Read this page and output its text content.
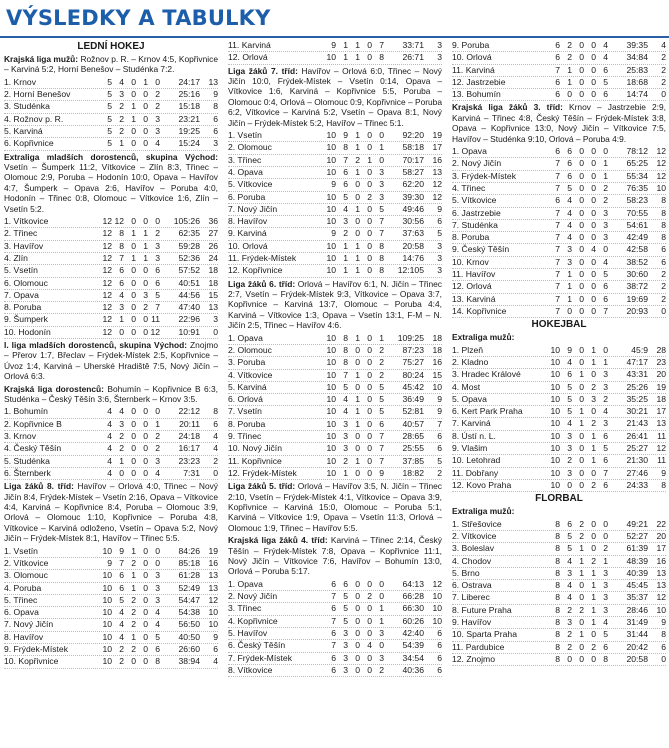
VÝSLEDKY A TABULKY
LEDNÍ HOKEJ
Krajská liga mužů: Rožnov p. R. – Krnov 4:5, Kopřivnice – Karviná 5:2, Horní Benešov – Studénka 7:2.
1. Krnov	5 4 0 1 0	24:17 13
2. Horní Benešov	5 3 0 0 2	25:16	9
3. Studénka	5 2 1 0 2	15:18	8
4. Rožnov p. R.	5 2 1 0 3	23:21	6
5. Karviná	5 2 0 0 3	19:25	6
6. Kopřivnice	5 1 0 0 4	15:24	3
Extraliga mladších dorostenců, skupina Východ: Vsetín – Šumperk 11:2, Vítkovice – Zlín 8:3, Třinec – Olomouc 2:9, Poruba – Hodonín 10:0, Opava – Havířov 4:7, Šumperk – Opava 2:6, Havířov – Poruba 4:0, Hodonín – Třinec 0:8, Olomouc – Vítkovice 1:6, Zlín – Vsetín 5:2.
1. Vítkovice	12 12 0 0 0	105:26 36
2. Třinec	12 8 1 1 2	62:35 27
3. Havířov	12 8 0 1 3	59:28 26
4. Zlín	12 7 1 1 3	52:36 24
5. Vsetín	12 6 0 0 6	57:52 18
6. Olomouc	12 6 0 0 6	40:51 18
7. Opava	12 4 0 3 5	44:56 15
8. Poruba	12 3 0 2 7	47:40 13
9. Šumperk	12 1 0 0 11	22:96	3
10. Hodonín	12 0 0 0 12	10:91	0
I. liga mladších dorostenců, skupina Východ: Znojmo – Přerov 1:7, Břeclav – Frýdek-Místek 2:5, Kopřivnice – Úvoz 1:4, Karviná – Uherské Hradiště 7:5, Nový Jičín – Orlová 6:3.
Krajská liga dorostenců: Bohumín – Kopřivnice B 6:3, Studénka – Český Těšín 3:6, Šternberk – Krnov 3:5.
1. Bohumín	4 4 0 0 0	22:12	8
2. Kopřivnice B	4 3 0 0 1	20:11	6
3. Krnov	4 2 0 0 2	24:18	4
4. Český Těšín	4 2 0 0 2	16:17	4
5. Studénka	4 1 0 0 3	23:23	2
6. Šternberk	4 0 0 0 4	7:31	0
Liga žáků 8. tříd: Havířov – Orlová 4:0, Třinec – Nový Jičín 8:4, Frýdek-Místek – Vsetín 2:16, Opava – Vítkovice 4:4, Karviná – Kopřivnice 8:4, Poruba – Olomouc 3:9, Orlová – Olomouc 1:10, Kopřivnice – Poruba 4:8, Vítkovice – Karviná odloženo, Vsetín – Opava 5:2, Nový Jičín – Frýdek-Místek 8:1, Havířov – Třinec 5:5.
1. Vsetín	10 9 1 0 0	84:26 19
2. Vítkovice	9 7 2 0 0	85:18 16
3. Olomouc	10 6 1 0 3	61:28 13
4. Poruba	10 6 1 0 3	52:49 13
5. Třinec	10 5 2 0 3	54:47 12
6. Opava	10 4 2 0 4	54:38 10
7. Nový Jičín	10 4 2 0 4	56:50 10
8. Havířov	10 4 1 0 5	40:50	9
9. Frýdek-Místek	10 2 2 0 6	26:60	6
10. Kopřivnice	10 2 0 0 8	38:94	4
11. Karviná	9 1 1 0 7	33:71	3
12. Orlová	10 1 1 0 8	26:71	3
Liga žáků 7. tříd: Havířov – Orlová 6:0, Třinec – Nový Jičín 10:0, Frýdek-Místek – Vsetín 0:14, Opava – Vítkovice 1:6, Karviná – Kopřivnice 5:5, Poruba – Olomouc 0:4, Orlová – Olomouc 0:9, Kopřivnice – Poruba 6:2, Vítkovice – Karviná 5:2, Vsetín – Opava 8:1, Nový Jičín – Frýdek-Místek 5:2, Havířov – Třinec 5:1.
1. Vsetín	10 9 1 0 0	92:20 19
2. Olomouc	10 8 1 0 1	58:18 17
3. Třinec	10 7 2 1 0	70:17 16
4. Opava	10 6 1 0 3	58:27 13
5. Vítkovice	9 6 0 0 3	62:20 12
6. Poruba	10 5 0 2 3	39:30 12
7. Nový Jičín	10 4 1 0 5	49:46	9
8. Havířov	10 3 0 0 7	30:56	6
9. Karviná	9 2 0 0 7	37:63	5
10. Orlová	10 1 1 0 8	20:58	3
11. Frýdek-Místek	10 1 1 0 8	14:76	3
12. Kopřivnice	10 1 1 0 8	12:105	3
Liga žáků 6. tříd: Orlová – Havířov 6:1, N. Jičín – Třinec 2:7, Vsetín – Frýdek-Místek 9:3, Vítkovice – Opava 3:7, Kopřivnice – Karviná 13:7, Olomouc – Poruba 4:4, Karviná – Vítkovice 1:3, Opava – Vsetín 13:1, F-M – N. Jičín 2:5, Třinec – Havířov 4:6.
1. Opava	10 8 1 0 1	109:25 18
2. Olomouc	10 8 0 0 2	87:23 18
3. Poruba	10 8 0 0 2	75:27 16
4. Vítkovice	10 7 1 0 2	80:24 15
5. Karviná	10 5 0 0 5	45:42 10
6. Orlová	10 4 1 0 5	36:49	9
7. Vsetín	10 4 1 0 5	52:81	9
8. Poruba	10 3 1 0 6	40:57	7
9. Třinec	10 3 0 0 7	28:65	6
10. Nový Jičín	10 3 0 0 7	25:55	6
11. Kopřivnice	10 2 1 0 7	37:85	5
12. Frýdek-Místek	10 1 0 0 9	18:82	2
Liga žáků 5. tříd: Orlová – Havířov 3:5, N. Jičín – Třinec 2:10, Vsetín – Frýdek-Místek 4:1, Vítkovice – Opava 3:9, Kopřivnice – Karviná 15:0, Olomouc – Poruba 5:1, Karviná – Vítkovice 1:9, Opava – Vsetín 11:3, Orlová – Olomouc 1:9, Třinec – Havířov 5:5.
Krajská liga žáků 4. tříd: Karviná – Třinec 2:14, Český Těšín – Frýdek-Místek 7:8, Opava – Kopřivnice 11:1, Nový Jičín – Vítkovice 7:6, Havířov – Bohumín 13:0, Orlová – Poruba 5:17.
1. Opava	6 6 0 0 0	64:13 12
2. Nový Jičín	7 5 0 2 0	66:28 10
3. Třinec	6 5 0 0 1	66:30 10
4. Kopřivnice	7 5 0 0 1	60:26 10
5. Havířov	6 3 0 0 3	42:40	6
6. Český Těšín	7 3 0 4 0	54:39	6
7. Frýdek-Místek	6 3 0 0 3	34:54	6
8. Vítkovice	6 3 0 0 2	40:36	6
9. Poruba	6 2 0 0 4	39:35	4
10. Orlová	6 2 0 0 4	34:84	2
11. Karviná	7 1 0 0 6	25:83	2
12. Jastrzebie	6 1 0 0 5	18:68	2
13. Bohumín	6 0 0 0 6	14:74	0
Krajská liga žáků 3. tříd: Krnov – Jastrzebie 2:9, Karviná – Třinec 4:8, Český Těšín – Frýdek-Místek 3:8, Opava – Kopřivnice 13:0, Nový Jičín – Vítkovice 7:5, Havířov – Studénka 9:10, Orlová – Poruba 4:9.
1. Opava	6 6 0 0 0	78:12 12
2. Nový Jičín	7 6 0 0 1	65:25 12
3. Frýdek-Místek	7 6 0 0 1	55:34 12
4. Třinec	7 5 0 0 2	76:35 10
5. Vítkovice	6 4 0 0 2	58:23	8
6. Jastrzebie	7 4 0 0 3	70:55	8
7. Studénka	7 4 0 0 3	54:61	8
8. Poruba	7 4 0 0 3	42:49	8
9. Český Těšín	7 3 0 4 0	42:58	6
10. Krnov	7 3 0 0 4	38:52	6
11. Havířov	7 1 0 0 5	30:60	2
12. Orlová	7 1 0 0 6	38:72	2
13. Karviná	7 1 0 0 6	19:69	2
14. Kopřivnice	7 0 0 0 7	20:93	0
HOKEJBAL
Extraliga mužů:
1. Plzeň	10 9 0 1 0	45:9 28
2. Kladno	10 4 0 1 1	47:17 23
3. Hradec Králové	10 6 1 0 3	43:31 20
4. Most	10 5 0 2 3	25:26 19
5. Opava	10 5 0 3 2	35:25 18
6. Kert Park Praha	10 5 1 0 4	30:21 17
7. Karviná	10 4 1 2 3	21:43 13
8. Ústí n. L.	10 3 0 1 6	26:41	11
9. Vlašim	10 3 0 1 5	25:27 12
10. Letohrad	10 2 0 1 6	21:30	11
11. Dobřany	10 3 0 0 7	27:46	9
12. Kovo Praha	10 0 0 2 6	24:33	8
FLORBAL
Extraliga mužů:
1. Střešovice	8 6 2 0 0	49:21 22
2. Vítkovice	8 5 2 0 0	52:27 20
3. Boleslav	8 5 1 0 2	61:39 17
4. Chodov	8 4 1 2 1	48:39 16
5. Brno	8 3 1 1 3	40:39 13
6. Ostrava	8 4 0 1 3	45:45 13
7. Liberec	8 4 0 1 3	35:37 12
8. Future Praha	8 2 2 1 3	28:46 10
9. Havířov	8 3 0 1 4	31:49	9
10. Sparta Praha	8 2 1 0 5	31:44	8
11. Pardubice	8 2 0 2 6	20:42	6
12. Znojmo	8 0 0 0 8	20:58	0
